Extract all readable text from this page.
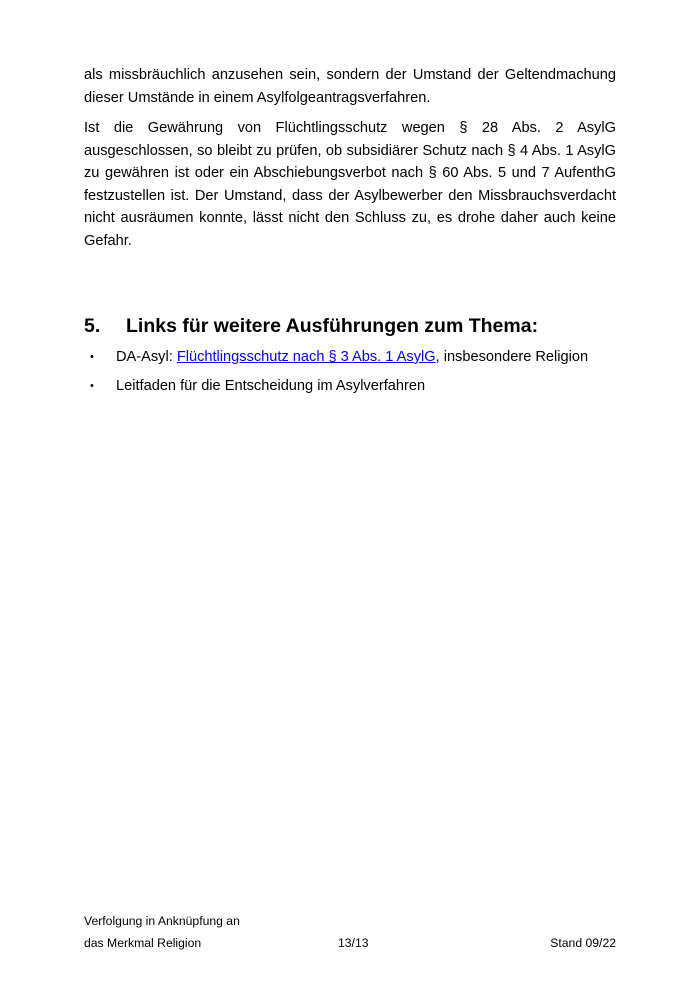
als missbräuchlich anzusehen sein, sondern der Umstand der Geltendmachung dieser Umstände in einem Asylfolgeantragsverfahren.

Ist die Gewährung von Flüchtlingsschutz wegen § 28 Abs. 2 AsylG ausgeschlossen, so bleibt zu prüfen, ob subsidiärer Schutz nach § 4 Abs. 1 AsylG zu gewähren ist oder ein Abschiebungsverbot nach § 60 Abs. 5 und 7 AufenthG festzustellen ist. Der Umstand, dass der Asylbewerber den Missbrauchsverdacht nicht ausräumen konnte, lässt nicht den Schluss zu, es drohe daher auch keine Gefahr.

5.	Links für weitere Ausführungen zum Thema:
•	DA-Asyl: Flüchtlingsschutz nach § 3 Abs. 1 AsylG, insbesondere Religion
•	Leitfaden für die Entscheidung im Asylverfahren
Verfolgung in Anknüpfung an
das Merkmal Religion	13/13	Stand 09/22
